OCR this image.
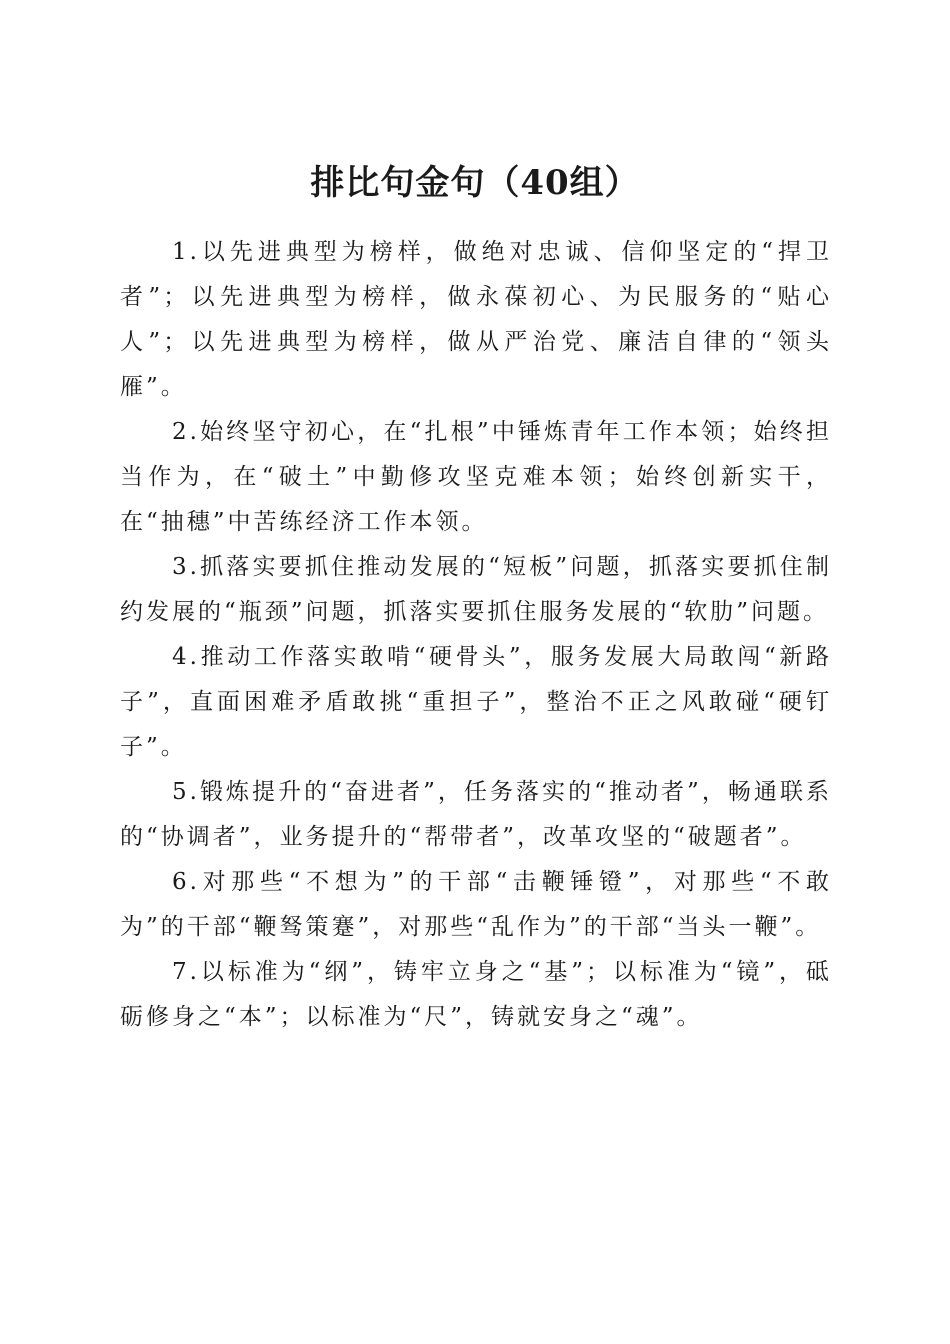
排比句金句（40组）

1.以先进典型为榜样，做绝对忠诚、信仰坚定的“捍卫者”；以先进典型为榜样，做永葆初心、为民服务的“贴心人”；以先进典型为榜样，做从严治党、廉洁自律的“领头雁”。

2.始终坚守初心，在“扎根”中锤炼青年工作本领；始终担当作为，在“破土”中勤修攻坚克难本领；始终创新实干，在“抽穗”中苦练经济工作本领。

3.抓落实要抓住推动发展的“短板”问题，抓落实要抓住制约发展的“瓶颈”问题，抓落实要抓住服务发展的“软肋”问题。

4.推动工作落实敢啃“硬骨头”，服务发展大局敢闯“新路子”，直面困难矛盾敢挑“重担子”，整治不正之风敢碰“硬钉子”。

5.锻炼提升的“奋进者”，任务落实的“推动者”，畅通联系的“协调者”，业务提升的“帮带者”，改革攻坚的“破题者”。

6.对那些“不想为”的干部“击鞭锤镫”，对那些“不敢为”的干部“鞭驽策蹇”，对那些“乱作为”的干部“当头一鞭”。

7.以标准为“纲”，铸牢立身之“基”；以标准为“镜”，砥砺修身之“本”；以标准为“尺”，铸就安身之“魂”。
